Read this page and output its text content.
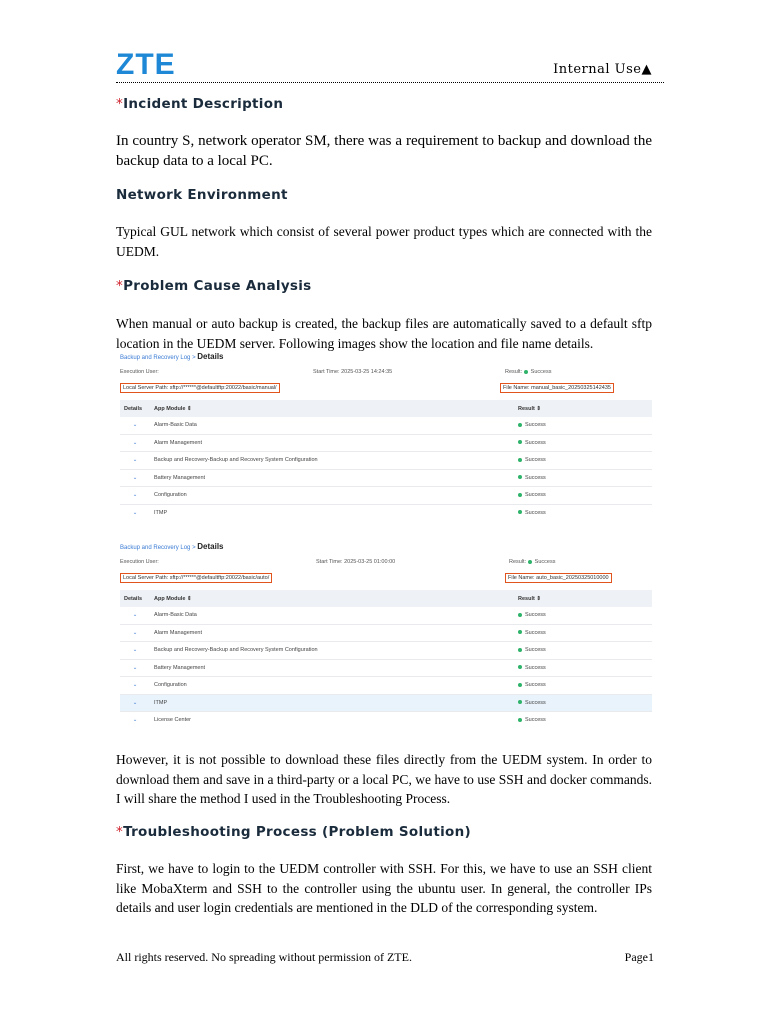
ZTE	Internal Use▲
*Incident Description
In country S, network operator SM, there was a requirement to backup and download the backup data to a local PC.
Network Environment
Typical GUL network which consist of several power product types which are connected with the UEDM.
*Problem Cause Analysis
When manual or auto backup is created, the backup files are automatically saved to a default sftp location in the UEDM server. Following images show the location and file name details.
Backup and Recovery Log > Details
Execution User:	Start Time: 2025-03-25 14:24:35	Result: Success
Local Server Path: sftp://******@defaultftp:20022/basic/manual/	File Name: manual_basic_20250325142435
Details	App Module ⇕	Result ⇕
⌄	Alarm-Basic Data	Success
⌄	Alarm Management	Success
⌄	Backup and Recovery-Backup and Recovery System Configuration	Success
⌄	Battery Management	Success
⌄	Configuration	Success
⌄	ITMP	Success
Backup and Recovery Log > Details
Execution User:	Start Time: 2025-03-25 01:00:00	Result: Success
Local Server Path: sftp://******@defaultftp:20022/basic/auto/	File Name: auto_basic_20250325010000
Details	App Module ⇕	Result ⇕
⌄	Alarm-Basic Data	Success
⌄	Alarm Management	Success
⌄	Backup and Recovery-Backup and Recovery System Configuration	Success
⌄	Battery Management	Success
⌄	Configuration	Success
⌄	ITMP	Success
⌄	License Center	Success
However, it is not possible to download these files directly from the UEDM system. In order to download them and save in a third-party or a local PC, we have to use SSH and docker commands. I will share the method I used in the Troubleshooting Process.
*Troubleshooting Process (Problem Solution)
First, we have to login to the UEDM controller with SSH. For this, we have to use an SSH client like MobaXterm and SSH to the controller using the ubuntu user. In general, the controller IPs details and user login credentials are mentioned in the DLD of the corresponding system.
All rights reserved. No spreading without permission of ZTE.	Page1
